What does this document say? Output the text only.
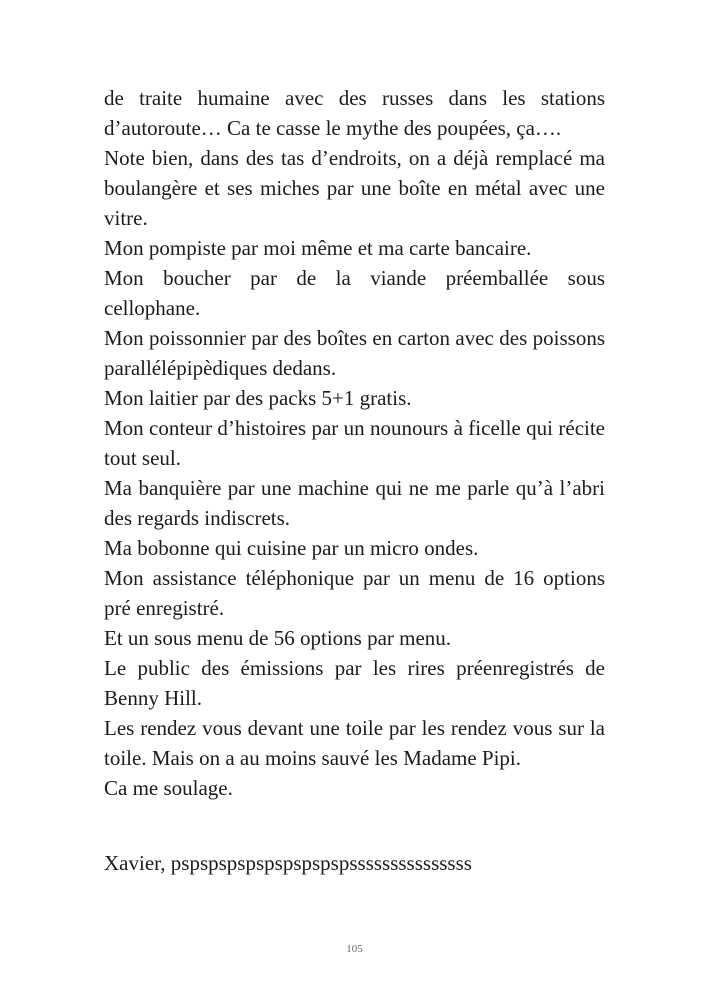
de traite humaine avec des russes dans les stations d’autoroute… Ca te casse le mythe des poupées, ça….

Note bien, dans des tas d’endroits, on a déjà remplacé ma boulangère et ses miches par une boîte en métal avec une vitre.

Mon pompiste par moi même et ma carte bancaire.

Mon boucher par de la viande préemballée sous cellophane.

Mon poissonnier par des boîtes en carton avec des poissons parallélépipèdiques dedans.

Mon laitier par des packs 5+1 gratis.

Mon conteur d’histoires par un nounours à ficelle qui récite tout seul.

Ma banquière par une machine qui ne me parle qu’à l’abri des regards indiscrets.

Ma bobonne qui cuisine par un micro ondes.

Mon assistance téléphonique par un menu de 16 options pré enregistré.

Et un sous menu de 56 options par menu.

Le public des émissions par les rires préenregistrés de Benny Hill.

Les rendez vous devant une toile par les rendez vous sur la toile. Mais on a au moins sauvé les Madame Pipi.

Ca me soulage.

Xavier, pspspspspspspspspspsssssssssssssss
105
